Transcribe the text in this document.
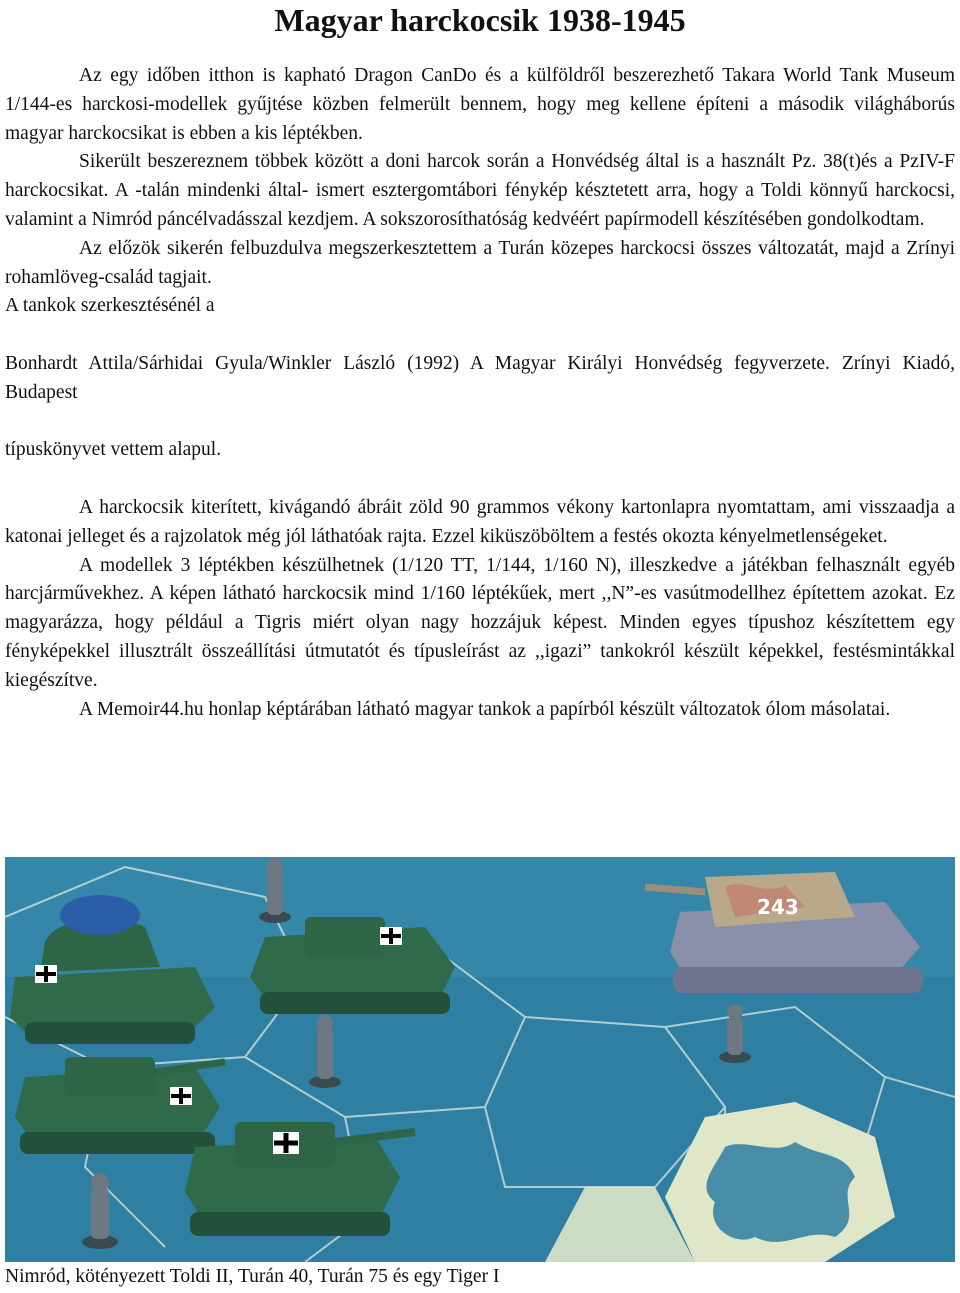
Magyar harckocsik 1938-1945

Az egy időben itthon is kapható Dragon CanDo és a külföldről beszerezhető Takara World Tank Museum 1/144-es harckosi-modellek gyűjtése közben felmerült bennem, hogy meg kellene építeni a második világháborús magyar harckocsikat is ebben a kis léptékben.

Sikerült beszereznem többek között a doni harcok során a Honvédség által is a használt Pz. 38(t)és a PzIV-F harckocsikat. A -talán mindenki által- ismert esztergomtábori fénykép késztetett arra, hogy a Toldi könnyű harckocsi, valamint a Nimród páncélvadásszal kezdjem. A sokszorosíthatóság kedvéért papírmodell készítésében gondolkodtam.

Az előzök sikerén felbuzdulva megszerkesztettem a Turán közepes harckocsi összes változatát, majd a Zrínyi rohamlöveg-család tagjait.

A tankok szerkesztésénél a

Bonhardt Attila/Sárhidai Gyula/Winkler László (1992) A Magyar Királyi Honvédség fegyverzete. Zrínyi Kiadó, Budapest

típuskönyvet vettem alapul.

A harckocsik kiterített, kivágandó ábráit zöld 90 grammos vékony kartonlapra nyomtattam, ami visszaadja a katonai jelleget és a rajzolatok még jól láthatóak rajta. Ezzel kiküszöböltem a festés okozta kényelmetlenségeket.

A modellek 3 léptékben készülhetnek (1/120 TT, 1/144, 1/160 N), illeszkedve a játékban felhasznált egyéb harcjárművekhez. A képen látható harckocsik mind 1/160 léptékűek, mert ,,N”-es vasútmodellhez építettem azokat. Ez magyarázza, hogy például a Tigris miért olyan nagy hozzájuk képest. Minden egyes típushoz készítettem egy fényképekkel illusztrált összeállítási útmutatót és típusleírást az ,,igazi” tankokról készült képekkel, festésmintákkal kiegészítve.

A Memoir44.hu honlap képtárában látható magyar tankok a papírból készült változatok ólom másolatai.

243

Nimród, kötényezett Toldi II, Turán 40, Turán 75 és egy Tiger I
